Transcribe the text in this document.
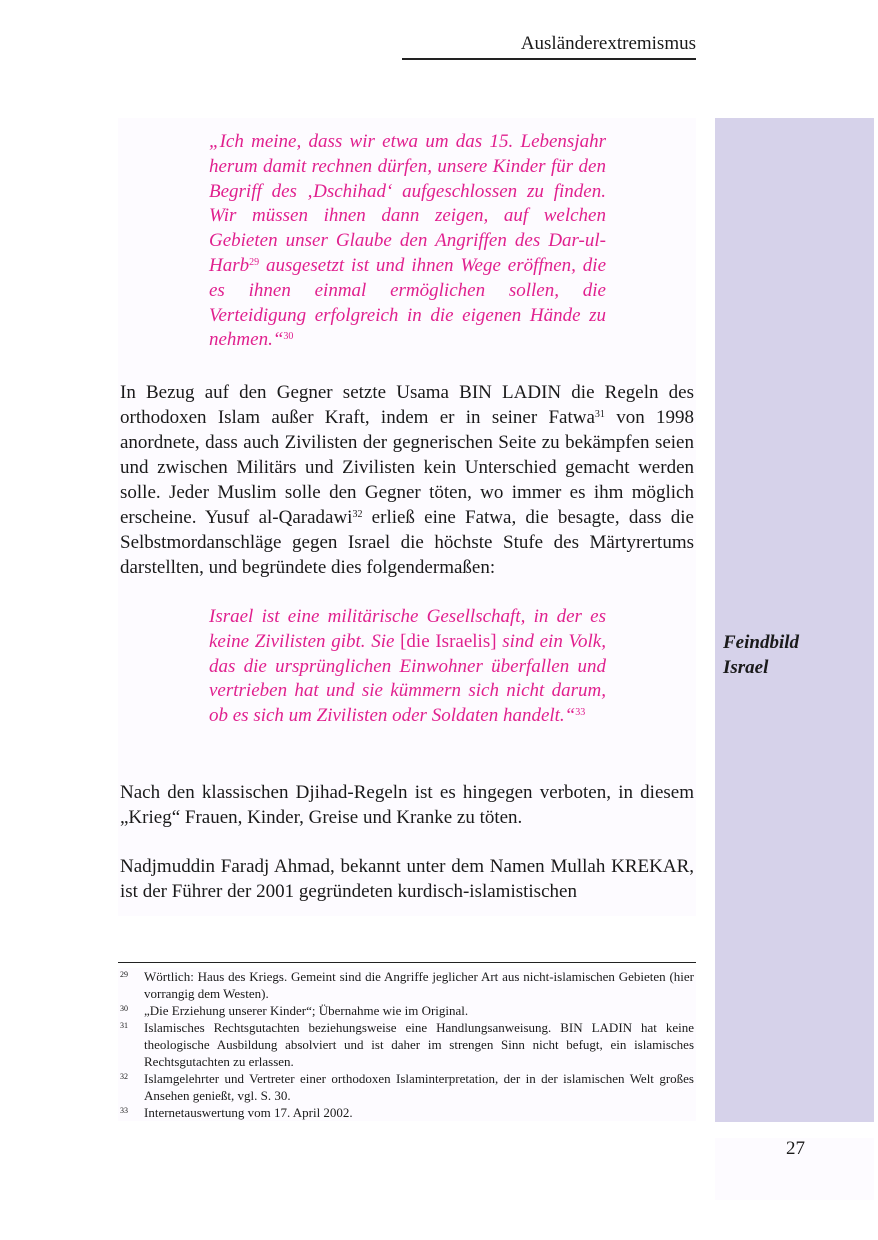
Ausländerextremismus
Feindbild
Israel
„Ich meine, dass wir etwa um das 15. Lebensjahr herum damit rechnen dürfen, unsere Kinder für den Begriff des ‚Dschihad‘ aufgeschlossen zu finden. Wir müssen ihnen dann zeigen, auf welchen Gebieten unser Glaube den Angriffen des Dar-ul-Harb$^{29}$ ausgesetzt ist und ihnen Wege eröffnen, die es ihnen einmal ermöglichen sollen, die Verteidigung erfolgreich in die eigenen Hände zu nehmen.“$^{30}$
In Bezug auf den Gegner setzte Usama BIN LADIN die Regeln des orthodoxen Islam außer Kraft, indem er in seiner Fatwa$^{31}$ von 1998 anordnete, dass auch Zivilisten der gegnerischen Seite zu bekämpfen seien und zwischen Militärs und Zivilisten kein Unterschied gemacht werden solle. Jeder Muslim solle den Gegner töten, wo immer es ihm möglich erscheine. Yusuf al-Qaradawi$^{32}$ erließ eine Fatwa, die besagte, dass die Selbstmordanschläge gegen Israel die höchste Stufe des Märtyrertums darstellten, und begründete dies folgendermaßen:
Israel ist eine militärische Gesellschaft, in der es keine Zivilisten gibt. Sie [die Israelis] sind ein Volk, das die ursprünglichen Einwohner überfallen und vertrieben hat und sie kümmern sich nicht darum, ob es sich um Zivilisten oder Soldaten handelt.“$^{33}$
Nach den klassischen Djihad-Regeln ist es hingegen verboten, in diesem „Krieg“ Frauen, Kinder, Greise und Kranke zu töten.
Nadjmuddin Faradj Ahmad, bekannt unter dem Namen Mullah KREKAR, ist der Führer der 2001 gegründeten kurdisch-islamistischen
29	Wörtlich: Haus des Kriegs. Gemeint sind die Angriffe jeglicher Art aus nicht-islamischen Gebieten (hier vorrangig dem Westen).
30	„Die Erziehung unserer Kinder“; Übernahme wie im Original.
31	Islamisches Rechtsgutachten beziehungsweise eine Handlungsanweisung. BIN LADIN hat keine theologische Ausbildung absolviert und ist daher im strengen Sinn nicht befugt, ein islamisches Rechtsgutachten zu erlassen.
32	Islamgelehrter und Vertreter einer orthodoxen Islaminterpretation, der in der islamischen Welt großes Ansehen genießt, vgl. S. 30.
33	Internetauswertung vom 17. April 2002.
27
